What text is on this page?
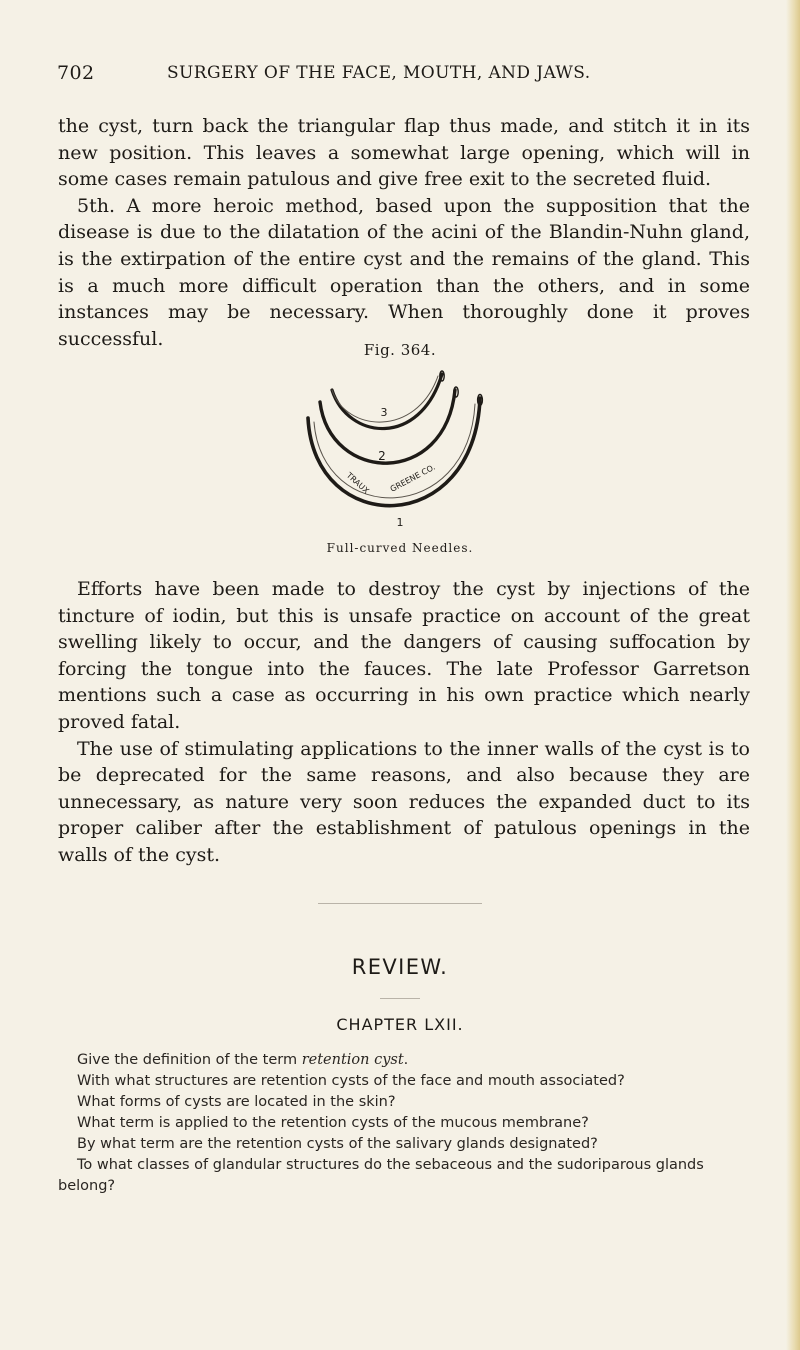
702	SURGERY OF THE FACE, MOUTH, AND JAWS.

the cyst, turn back the triangular flap thus made, and stitch it in its new position. This leaves a somewhat large opening, which will in some cases remain patulous and give free exit to the secreted fluid.

5th. A more heroic method, based upon the supposition that the disease is due to the dilatation of the acini of the Blandin-Nuhn gland, is the extirpation of the entire cyst and the remains of the gland. This is a much more difficult operation than the others, and in some instances may be necessary. When thoroughly done it proves successful.

Fig. 364.
3
2
TRAUX GREENE CO.
1
Full-curved Needles.

Efforts have been made to destroy the cyst by injections of the tincture of iodin, but this is unsafe practice on account of the great swelling likely to occur, and the dangers of causing suffocation by forcing the tongue into the fauces. The late Professor Garretson mentions such a case as occurring in his own practice which nearly proved fatal.

The use of stimulating applications to the inner walls of the cyst is to be deprecated for the same reasons, and also because they are unnecessary, as nature very soon reduces the expanded duct to its proper caliber after the establishment of patulous openings in the walls of the cyst.

REVIEW.
CHAPTER LXII.

Give the definition of the term retention cyst.

With what structures are retention cysts of the face and mouth associated?

What forms of cysts are located in the skin?

What term is applied to the retention cysts of the mucous membrane?

By what term are the retention cysts of the salivary glands designated?

To what classes of glandular structures do the sebaceous and the sudoriparous glands belong?
